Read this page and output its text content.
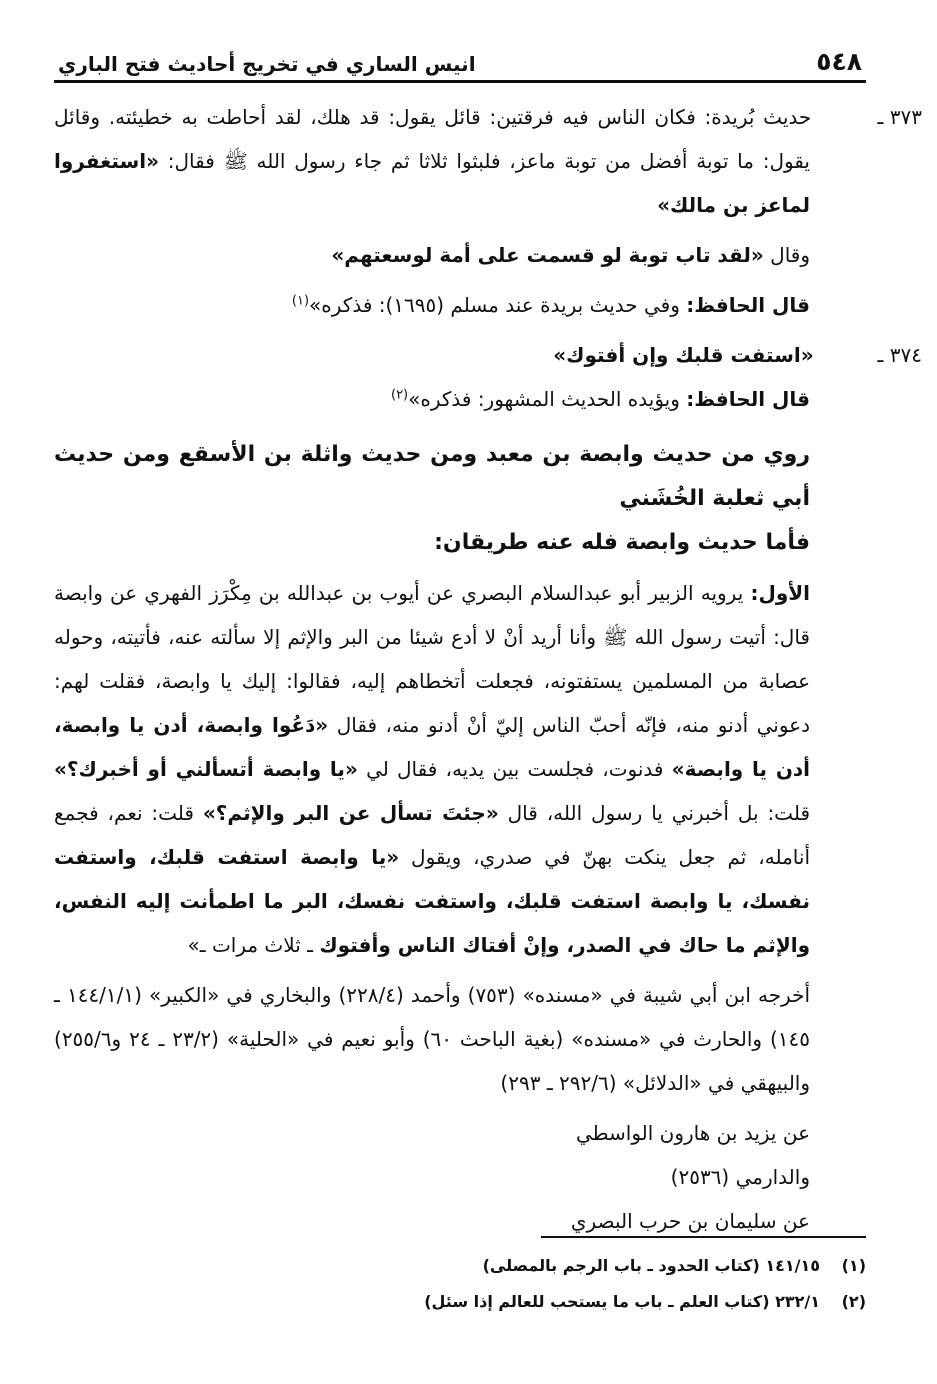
٥٤٨
انيس الساري في تخريج أحاديث فتح الباري

٣٧٣ ـ حديث بُريدة: فكان الناس فيه فرقتين: قائل يقول: قد هلك، لقد أحاطت به خطيئته. وقائل يقول: ما توبة أفضل من توبة ماعز، فلبثوا ثلاثا ثم جاء رسول الله ﷺ فقال: «استغفروا لماعز بن مالك»

وقال «لقد تاب توبة لو قسمت على أمة لوسعتهم»

قال الحافظ: وفي حديث بريدة عند مسلم (١٦٩٥): فذكره»$^{(١)}$

٣٧٤ ـ «استفت قلبك وإن أفتوك»

قال الحافظ: ويؤيده الحديث المشهور: فذكره»$^{(٢)}$

روي من حديث وابصة بن معبد ومن حديث واثلة بن الأسقع ومن حديث أبي ثعلبة الخُشَني

فأما حديث وابصة فله عنه طريقان:

الأول: يرويه الزبير أبو عبدالسلام البصري عن أيوب بن عبدالله بن مِكْرَز الفهري عن وابصة قال: أتيت رسول الله ﷺ وأنا أريد أنْ لا أدع شيئا من البر والإثم إلا سألته عنه، فأتيته، وحوله عصابة من المسلمين يستفتونه، فجعلت أتخطاهم إليه، فقالوا: إليك يا وابصة، فقلت لهم: دعوني أدنو منه، فإنّه أحبّ الناس إليّ أنْ أدنو منه، فقال «دَعُوا وابصة، أدن يا وابصة، أدن يا وابصة» فدنوت، فجلست بين يديه، فقال لي «يا وابصة أتسألني أو أخبرك؟» قلت: بل أخبرني يا رسول الله، قال «جئتَ تسأل عن البر والإثم؟» قلت: نعم، فجمع أنامله، ثم جعل ينكت بهنّ في صدري، ويقول «يا وابصة استفت قلبك، واستفت نفسك، يا وابصة استفت قلبك، واستفت نفسك، البر ما اطمأنت إليه النفس، والإثم ما حاك في الصدر، وإنْ أفتاك الناس وأفتوك ـ ثلاث مرات ـ»

أخرجه ابن أبي شيبة في «مسنده» (٧٥٣) وأحمد (٢٢٨/٤) والبخاري في «الكبير» (١٤٤/١/١ ـ ١٤٥) والحارث في «مسنده» (بغية الباحث ٦٠) وأبو نعيم في «الحلية» (٢٣/٢ ـ ٢٤ و٢٥٥/٦) والبيهقي في «الدلائل» (٢٩٢/٦ ـ ٢٩٣)

عن يزيد بن هارون الواسطي

والدارمي (٢٥٣٦)

عن سليمان بن حرب البصري

(١)
١٤١/١٥ (كتاب الحدود ـ باب الرجم بالمصلى)
(٢)
٢٣٢/١ (كتاب العلم ـ باب ما يستحب للعالم إذا سئل)
